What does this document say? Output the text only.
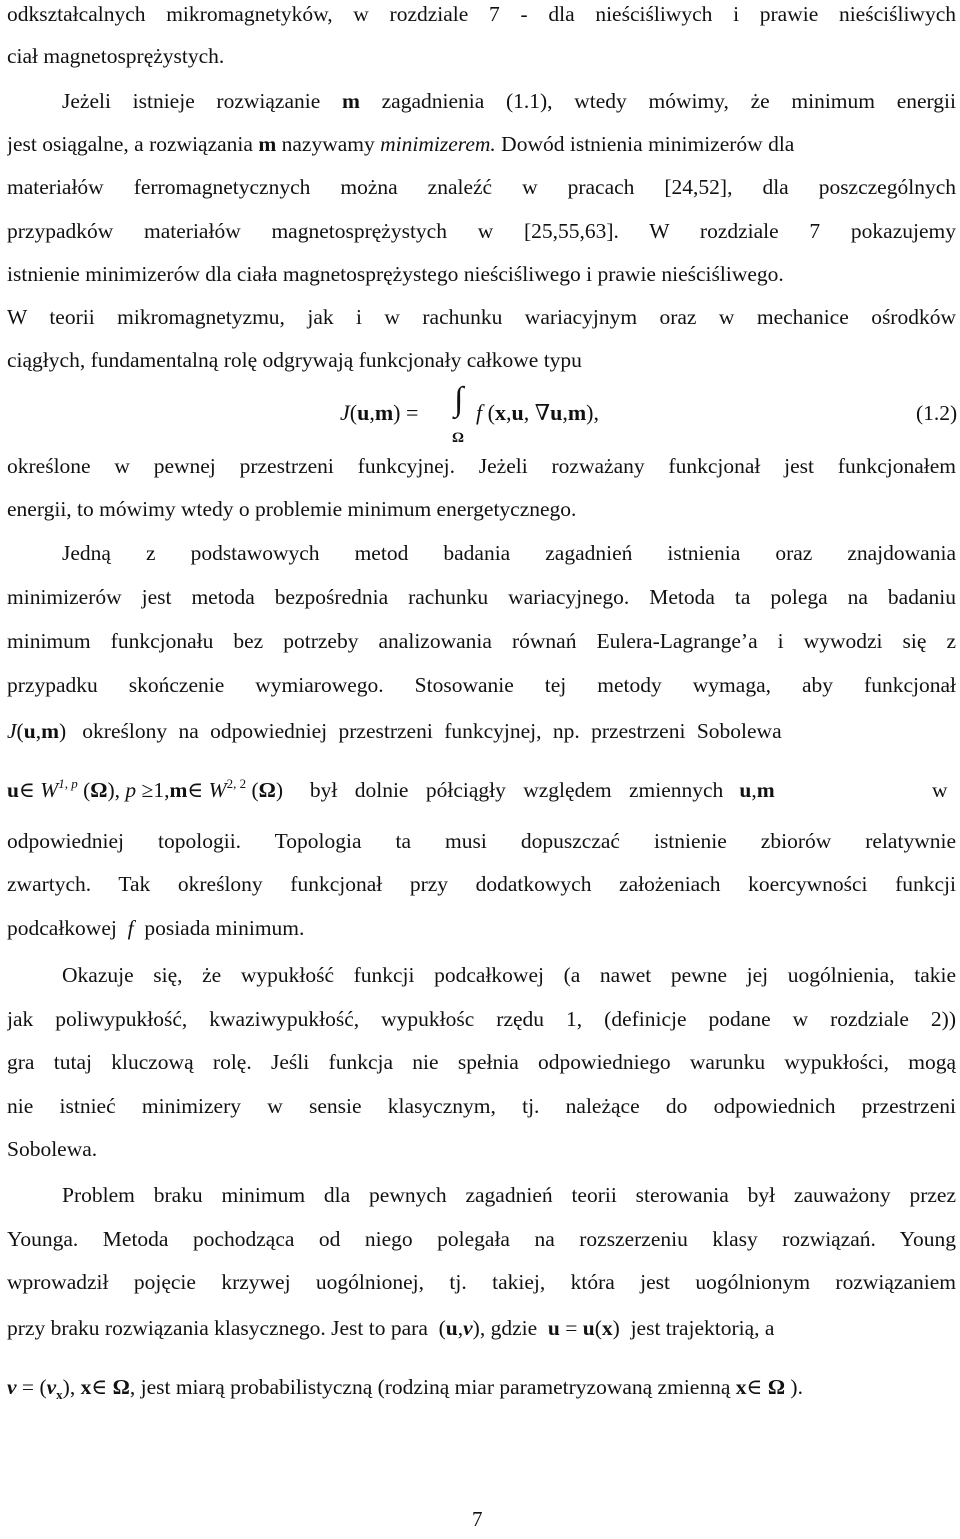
odkształcalnych mikromagnetyków, w rozdziale 7 - dla nieściśliwych i prawie nieściśliwych
ciał magnetosprężystych.
Jeżeli istnieje rozwiązanie m zagadnienia (1.1), wtedy mówimy, że minimum energii
jest osiągalne, a rozwiązania m nazywamy minimizerem. Dowód istnienia minimizerów dla
materiałów ferromagnetycznych można znaleźć w pracach [24,52], dla poszczególnych
przypadków materiałów magnetosprężystych w [25,55,63]. W rozdziale 7 pokazujemy
istnienie minimizerów dla ciała magnetosprężystego nieściśliwego i prawie nieściśliwego.
W teorii mikromagnetyzmu, jak i w rachunku wariacyjnym oraz w mechanice ośrodków
ciągłych, fundamentalną rolę odgrywają funkcjonały całkowe typu
J(u,m) = ∫
Ω
f (x,u, ∇u,m),	(1.2)
określone w pewnej przestrzeni funkcyjnej. Jeżeli rozważany funkcjonał jest funkcjonałem
energii, to mówimy wtedy o problemie minimum energetycznego.
Jedną z podstawowych metod badania zagadnień istnienia oraz znajdowania
minimizerów jest metoda bezpośrednia rachunku wariacyjnego. Metoda ta polega na badaniu
minimum funkcjonału bez potrzeby analizowania równań Eulera-Lagrange’a i wywodzi się z
przypadku skończenie wymiarowego. Stosowanie tej metody wymaga, aby funkcjonał
J(u,m) określony na odpowiedniej przestrzeni funkcyjnej, np. przestrzeni Sobolewa
u∈ W$^{1, p}$ (Ω), p ≥1,m∈ W$^{2, 2}$ (Ω) był dolnie półciągły względem zmiennych u,m	w
odpowiedniej topologii. Topologia ta musi dopuszczać istnienie zbiorów relatywnie
zwartych. Tak określony funkcjonał przy dodatkowych założeniach koercywności funkcji
podcałkowej f posiada minimum.
Okazuje się, że wypukłość funkcji podcałkowej (a nawet pewne jej uogólnienia, takie
jak poliwypukłość, kwaziwypukłość, wypukłośc rzędu 1, (definicje podane w rozdziale 2))
gra tutaj kluczową rolę. Jeśli funkcja nie spełnia odpowiedniego warunku wypukłości, mogą
nie istnieć minimizery w sensie klasycznym, tj. należące do odpowiednich przestrzeni
Sobolewa.
Problem braku minimum dla pewnych zagadnień teorii sterowania był zauważony przez
Younga. Metoda pochodząca od niego polegała na rozszerzeniu klasy rozwiązań. Young
wprowadził pojęcie krzywej uogólnionej, tj. takiej, która jest uogólnionym rozwiązaniem
przy braku rozwiązania klasycznego. Jest to para (u,ν), gdzie u = u(x) jest trajektorią, a
$\nu = (\nu_x)$, x∈ Ω, jest miarą probabilistyczną (rodziną miar parametryzowaną zmienną x∈ Ω ).
7
